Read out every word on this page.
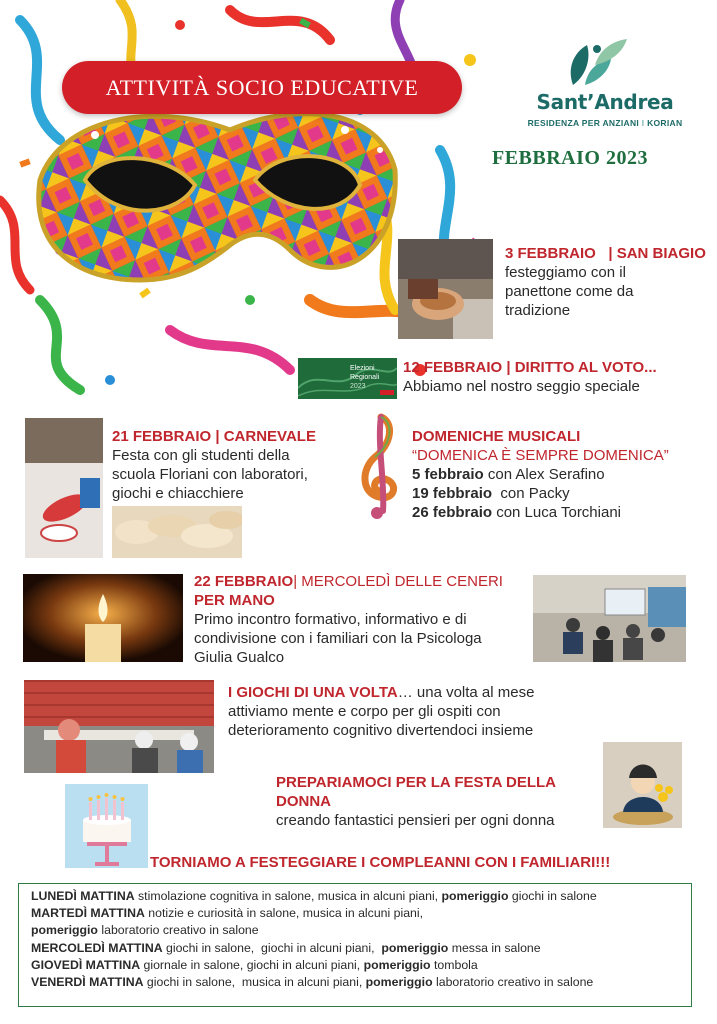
ATTIVITÀ SOCIO EDUCATIVE
Sant’Andrea
RESIDENZA PER ANZIANI I KORIAN
FEBBRAIO 2023
3 FEBBRAIO | SAN BIAGIO
festeggiamo con il
panettone come da
tradizione
Elezioni
Regionali
2023
12 FEBBRAIO | DIRITTO AL VOTO...
Abbiamo nel nostro seggio speciale
21 FEBBRAIO | CARNEVALE
Festa con gli studenti della
scuola Floriani con laboratori,
giochi e chiacchiere
DOMENICHE MUSICALI
“DOMENICA È SEMPRE DOMENICA”
5 febbraio con Alex Serafino
19 febbraio  con Packy
26 febbraio con Luca Torchiani
22 FEBBRAIO| MERCOLEDÌ DELLE CENERI
PER MANO
Primo incontro formativo, informativo e di
condivisione con i familiari con la Psicologa
Giulia Gualco
I GIOCHI DI UNA VOLTA… una volta al mese
attiviamo mente e corpo per gli ospiti con
deterioramento cognitivo divertendoci insieme
PREPARIAMOCI PER LA FESTA DELLA DONNA
creando fantastici pensieri per ogni donna
TORNIAMO A FESTEGGIARE I COMPLEANNI CON I FAMILIARI!!!
LUNEDÌ MATTINA stimolazione cognitiva in salone, musica in alcuni piani, pomeriggio giochi in salone
MARTEDÌ MATTINA notizie e curiosità in salone, musica in alcuni piani,
pomeriggio laboratorio creativo in salone
MERCOLEDÌ MATTINA giochi in salone,  giochi in alcuni piani,  pomeriggio messa in salone
GIOVEDÌ MATTINA giornale in salone, giochi in alcuni piani, pomeriggio tombola
VENERDÌ MATTINA giochi in salone,  musica in alcuni piani, pomeriggio laboratorio creativo in salone
